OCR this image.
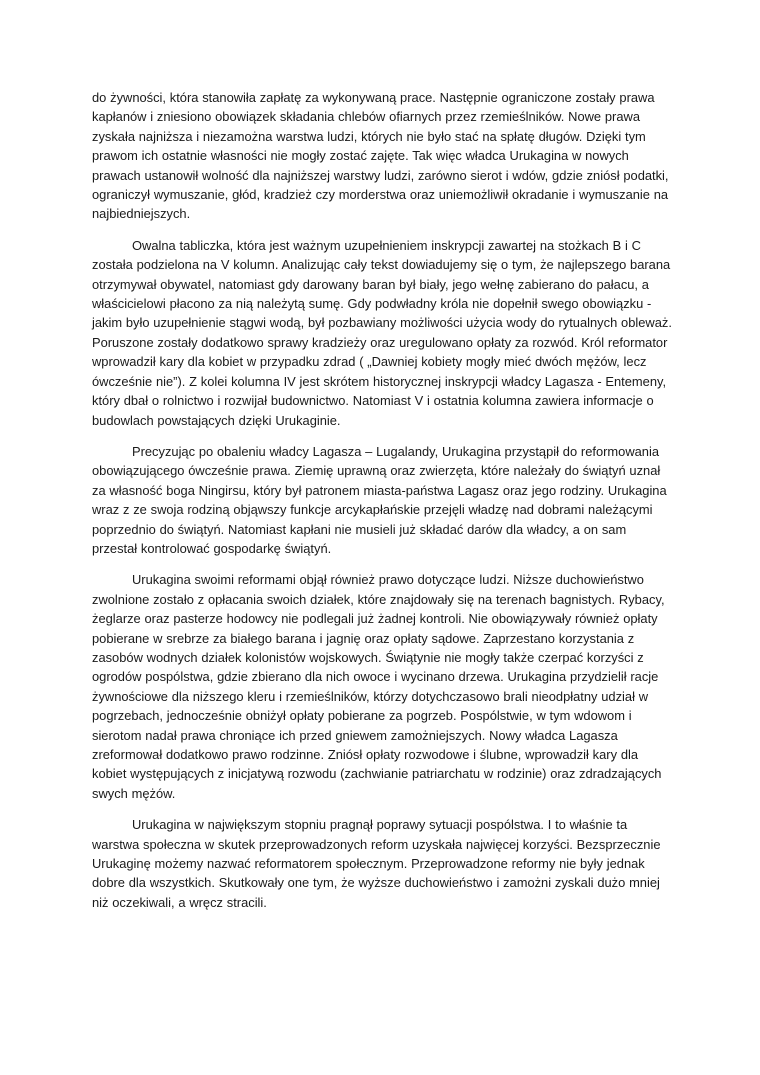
do żywności, która stanowiła zapłatę za wykonywaną prace. Następnie ograniczone zostały prawa kapłanów i zniesiono obowiązek składania chlebów ofiarnych przez rzemieślników. Nowe prawa zyskała najniższa i niezamożna warstwa ludzi, których nie było stać na spłatę długów. Dzięki tym prawom ich ostatnie własności nie mogły zostać zajęte. Tak więc władca Urukagina w nowych prawach ustanowił wolność dla najniższej warstwy ludzi, zarówno sierot i wdów, gdzie zniósł podatki, ograniczył wymuszanie, głód, kradzież czy morderstwa oraz uniemożliwił okradanie i wymuszanie na najbiedniejszych.

Owalna tabliczka, która jest ważnym uzupełnieniem inskrypcji zawartej na stożkach B i C została podzielona na V kolumn. Analizując cały tekst dowiadujemy się o tym, że najlepszego barana otrzymywał obywatel, natomiast gdy darowany baran był biały, jego wełnę zabierano do pałacu, a właścicielowi płacono za nią należytą sumę. Gdy podwładny króla nie dopełnił swego obowiązku - jakim było uzupełnienie stągwi wodą, był pozbawiany możliwości użycia wody do rytualnych obleważ. Poruszone zostały dodatkowo sprawy kradzieży oraz uregulowano opłaty za rozwód. Król reformator wprowadził kary dla kobiet w przypadku zdrad ( „Dawniej kobiety mogły mieć dwóch mężów, lecz ówcześnie nie”). Z kolei kolumna IV jest skrótem historycznej inskrypcji władcy Lagasza - Entemeny, który dbał o rolnictwo i rozwijał budownictwo. Natomiast V i ostatnia kolumna zawiera informacje o budowlach powstających dzięki Urukaginie.

Precyzując po obaleniu władcy Lagasza – Lugalandy, Urukagina przystąpił do reformowania obowiązującego ówcześnie prawa. Ziemię uprawną oraz zwierzęta, które należały do świątyń uznał za własność boga Ningirsu, który był patronem miasta-państwa Lagasz oraz jego rodziny. Urukagina wraz z ze swoja rodziną objąwszy funkcje arcykapłańskie przejęli władzę nad dobrami należącymi poprzednio do świątyń. Natomiast kapłani nie musieli już składać darów dla władcy, a on sam przestał kontrolować gospodarkę świątyń.

Urukagina swoimi reformami objął również prawo dotyczące ludzi. Niższe duchowieństwo zwolnione zostało z opłacania swoich działek, które znajdowały się na terenach bagnistych. Rybacy, żeglarze oraz pasterze hodowcy nie podlegali już żadnej kontroli. Nie obowiązywały również opłaty pobierane w srebrze za białego barana i jagnię oraz opłaty sądowe. Zaprzestano korzystania z zasobów wodnych działek kolonistów wojskowych. Świątynie nie mogły także czerpać korzyści z ogrodów pospólstwa, gdzie zbierano dla nich owoce i wycinano drzewa. Urukagina przydzielił racje żywnościowe dla niższego kleru i rzemieślników, którzy dotychczasowo brali nieodpłatny udział w pogrzebach, jednocześnie obniżył opłaty pobierane za pogrzeb. Pospólstwie, w tym wdowom i sierotom nadał prawa chroniące ich przed gniewem zamożniejszych. Nowy władca Lagasza zreformował dodatkowo prawo rodzinne. Zniósł opłaty rozwodowe i ślubne, wprowadził kary dla kobiet występujących z inicjatywą rozwodu (zachwianie patriarchatu w rodzinie) oraz zdradzających swych mężów.

Urukagina w największym stopniu pragnął poprawy sytuacji pospólstwa. I to właśnie ta warstwa społeczna w skutek przeprowadzonych reform uzyskała najwięcej korzyści. Bezsprzecznie Urukaginę możemy nazwać reformatorem społecznym. Przeprowadzone reformy nie były jednak dobre dla wszystkich. Skutkowały one tym, że wyższe duchowieństwo i zamożni zyskali dużo mniej niż oczekiwali, a wręcz stracili.
